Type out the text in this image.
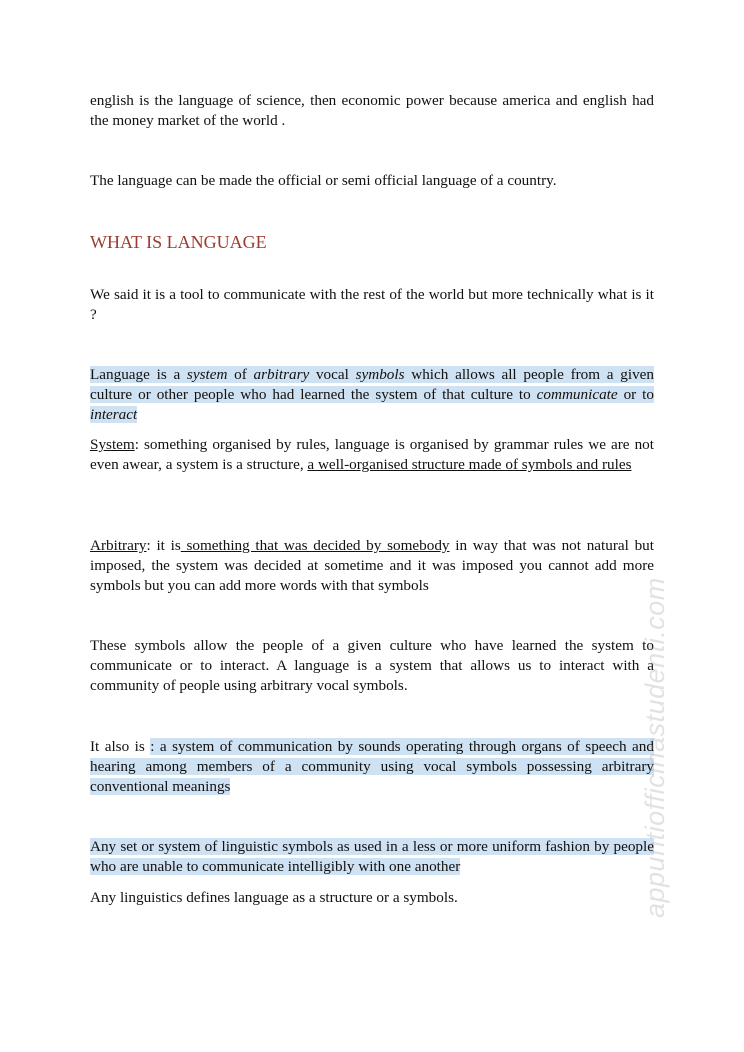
english is the language of science, then economic power because america and english had the money market of the world .

The language can be made the official or semi official language of a country.

WHAT IS LANGUAGE

We said it is a tool to communicate with the rest of the world but more technically what is it ?

Language is a system of arbitrary vocal symbols which allows all people from a given culture or other people who had learned the system of that culture to communicate or to interact

System: something organised by rules, language is organised by grammar rules we are not even awear, a system is a structure, a well-organised structure made of symbols and rules

Arbitrary: it is something that was decided by somebody in way that was not natural but imposed, the system was decided at sometime and it was imposed you cannot add more symbols but you can add more words with that symbols

These symbols allow the people of a given culture who have learned the system to communicate or to interact. A language is a system that allows us to interact with a community of people using arbitrary vocal symbols.

It also is : a system of communication by sounds operating through organs of speech and hearing among members of a community using vocal symbols possessing arbitrary conventional meanings

Any set or system of linguistic symbols as used in a less or more uniform fashion by people who are unable to communicate intelligibly with one another

Any linguistics defines language as a structure or a symbols.	appuntiofficinastudenti.com
